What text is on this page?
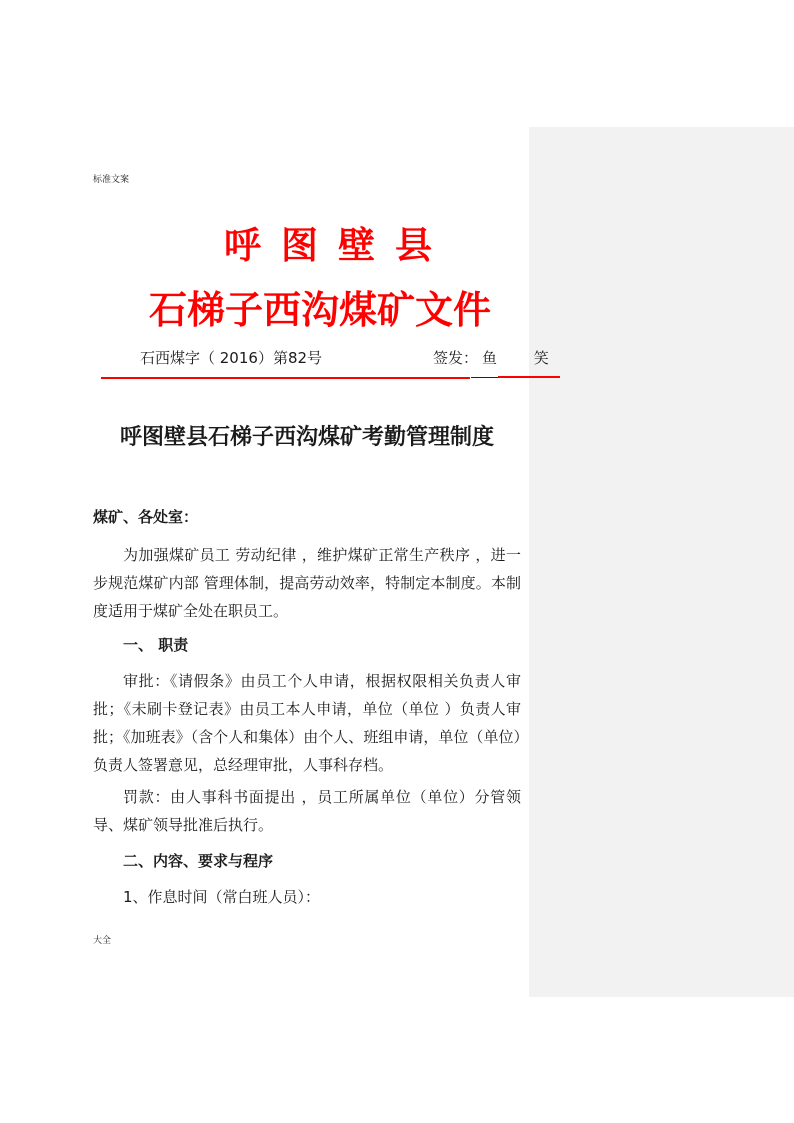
标准文案
呼图壁县
石梯子西沟煤矿文件
石西煤字（ 2016）第82号	签发： 鱼 笑
呼图壁县石梯子西沟煤矿考勤管理制度

煤矿、各处室：

为加强煤矿员工 劳动纪律 ，维护煤矿正常生产秩序 ，进一步规范煤矿内部 管理体制，提高劳动效率，特制定本制度。本制度适用于煤矿全处在职员工。

一、 职责

审批：《请假条》由员工个人申请，根据权限相关负责人审批；《未刷卡登记表》由员工本人申请，单位（单位 ）负责人审批；《加班表》（含个人和集体）由个人、班组申请，单位（单位）负责人签署意见，总经理审批，人事科存档。

罚款：由人事科书面提出 ，员工所属单位（单位）分管领导、煤矿领导批准后执行。

二、内容、要求与程序

1、作息时间（常白班人员）：

大全
